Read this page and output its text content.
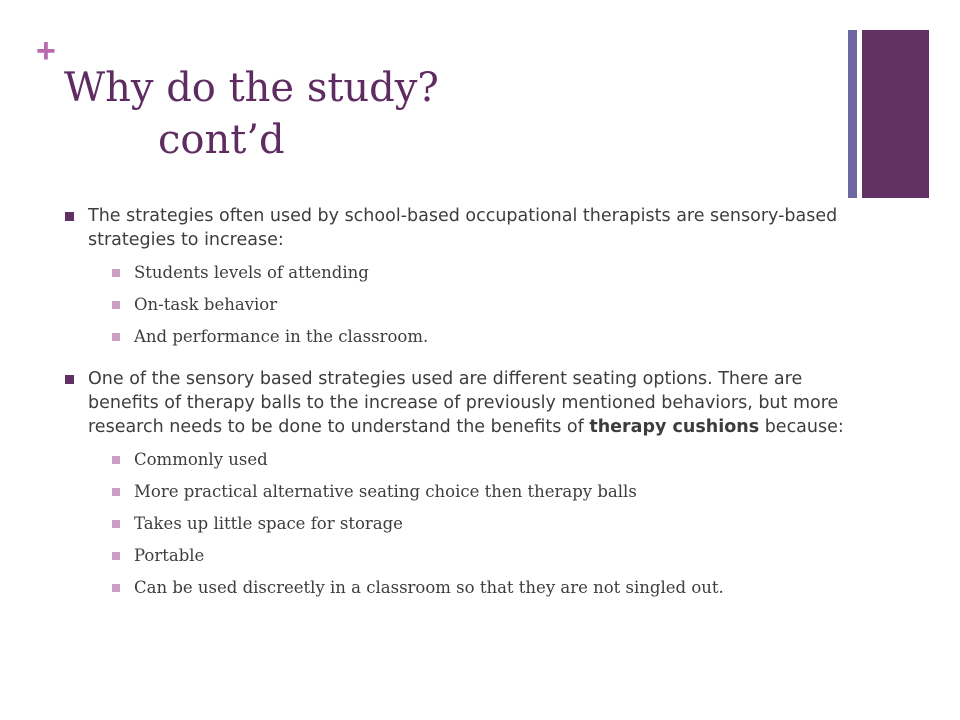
+
Why do the study?
cont’d
The strategies often used by school-based occupational therapists are sensory-based strategies to increase:
Students levels of attending
On-task behavior
And performance in the classroom.
One of the sensory based strategies used are different seating options. There are benefits of therapy balls to the increase of previously mentioned behaviors, but more research needs to be done to understand the benefits of therapy cushions because:
Commonly used
More practical alternative seating choice then therapy balls
Takes up little space for storage
Portable
Can be used discreetly in a classroom so that they are not singled out.
